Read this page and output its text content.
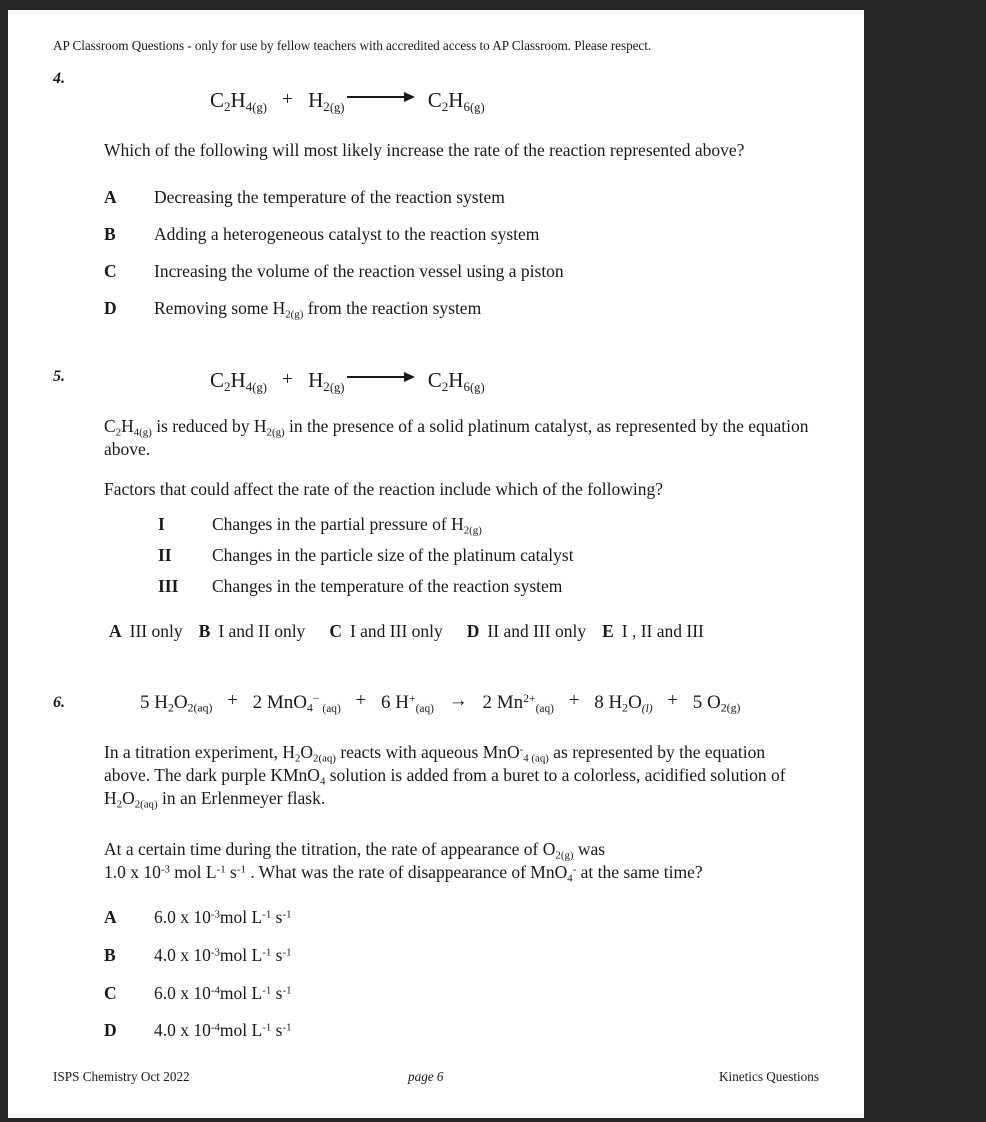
AP Classroom Questions - only for use by fellow teachers with accredited access to AP Classroom. Please respect.
4.
$C_2H_{4(g)} + H_{2(g)}$	$C_2H_{6(g)}$
Which of the following will most likely increase the rate of the reaction represented above?
A Decreasing the temperature of the reaction system
B Adding a heterogeneous catalyst to the reaction system
C Increasing the volume of the reaction vessel using a piston
D Removing some $H_{2(g)}$ from the reaction system
5.	$C_2H_{4(g)} + H_{2(g)}$	$C_2H_{6(g)}$
$C_2H_{4(g)}$ is reduced by $H_{2(g)}$ in the presence of a solid platinum catalyst, as represented by the equation above.
Factors that could affect the rate of the reaction include which of the following?
I	Changes in the partial pressure of $H_{2(g)}$
II Changes in the particle size of the platinum catalyst
III Changes in the temperature of the reaction system
A III only B I and II only C I and III only D II and III only E I , II and III
6.	5 $H_2O_{2(aq)} + 2$ MnO$_4$− $_{(aq)}$ + 6 $H^+_{(aq)} \to 2$ $Mn^{2+}_{(aq)} + 8$ $H_2O_{(l)} + 5$ $O_{2(g)}$
In a titration experiment, $H_2O_{2(aq)}$ reacts with aqueous MnO-$_{4 (aq)}$ as represented by the equation above. The dark purple KMnO$_4$ solution is added from a buret to a colorless, acidified solution of $H_2O_{2(aq)}$ in an Erlenmeyer flask.
At a certain time during the titration, the rate of appearance of $O_{2(g)}$ was
1.0 x $10^{-3}$ mol $L^{-1}$ $s^{-1}$ . What was the rate of disappearance of MnO$_4$- at the same time?
A 6.0 x $10^{-3}mol$ $L^{-1}$ $s^{-1}$
B 4.0 x $10^{-3}mol$ $L^{-1}$ $s^{-1}$
C 6.0 x $10^{-4}mol$ $L^{-1}$ $s^{-1}$
D 4.0 x $10^{-4}mol$ $L^{-1}$ $s^{-1}$
ISPS Chemistry Oct 2022	page 6	Kinetics Questions
